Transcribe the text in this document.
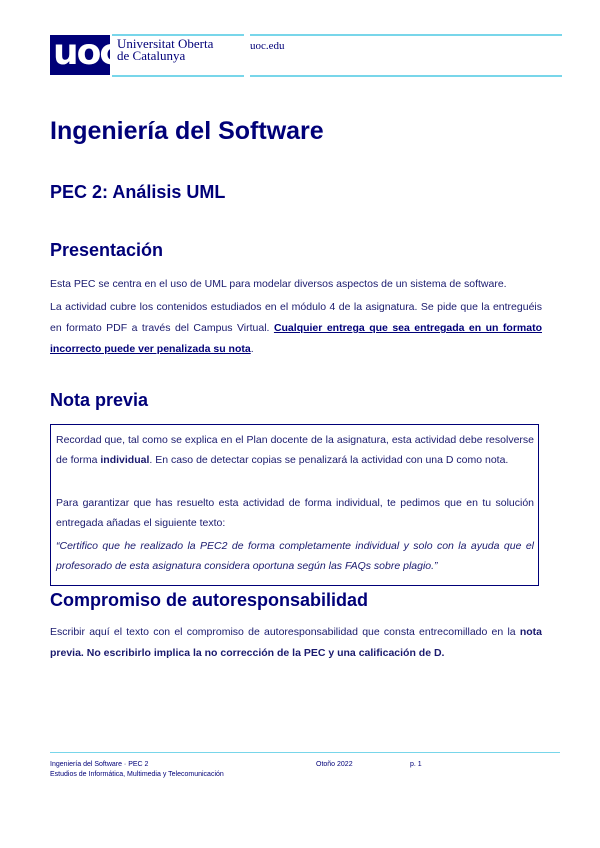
uoc
Universitat Oberta
de Catalunya
uoc.edu
Ingeniería del Software
PEC 2: Análisis UML
Presentación

Esta PEC se centra en el uso de UML para modelar diversos aspectos de un sistema de software.

La actividad cubre los contenidos estudiados en el módulo 4 de la asignatura. Se pide que la entreguéis en formato PDF a través del Campus Virtual. Cualquier entrega que sea entregada en un formato incorrecto puede ver penalizada su nota.

Nota previa

Recordad que, tal como se explica en el Plan docente de la asignatura, esta actividad debe resolverse de forma individual. En caso de detectar copias se penalizará la actividad con una D como nota.

Para garantizar que has resuelto esta actividad de forma individual, te pedimos que en tu solución entregada añadas el siguiente texto:

“Certifico que he realizado la PEC2 de forma completamente individual y solo con la ayuda que el profesorado de esta asignatura considera oportuna según las FAQs sobre plagio.”

Compromiso de autoresponsabilidad

Escribir aquí el texto con el compromiso de autoresponsabilidad que consta entrecomillado en la nota previa. No escribirlo implica la no corrección de la PEC y una calificación de D.

Ingeniería del Software · PEC 2
Estudios de Informática, Multimedia y Telecomunicación
Otoño 2022	p. 1
